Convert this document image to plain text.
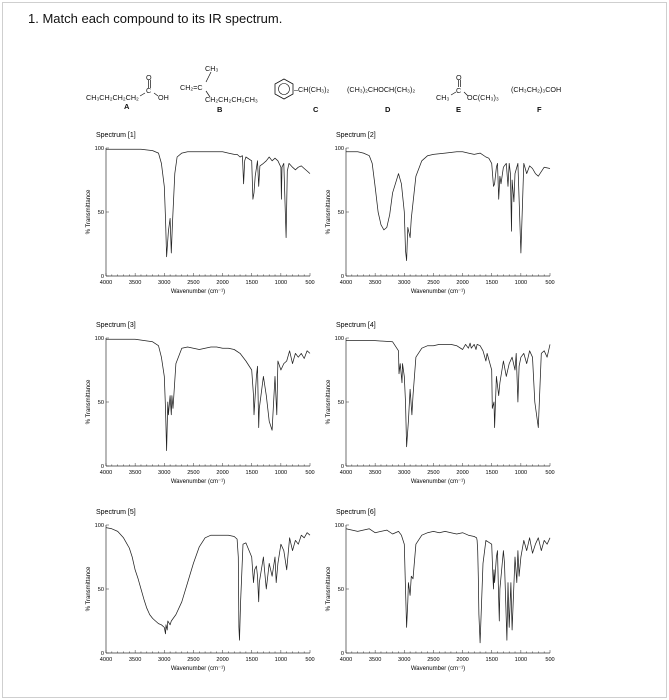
1. Match each compound to its IR spectrum.
O
C
CH₃CH₂CH₂CH₂	OH
A
CH₃
CH₂=C
CH₂CH₂CH₂CH₃
B
–CH(CH₃)₂
C
(CH₃)₂CHOCH(CH₃)₂
D
O
C
CH₃ OC(CH₃)₃
E
(CH₃CH₂)₃COH
F
Spectrum [1]
4000	3500	3000	2500	2000	1500	1000	500
0
50
100
Wavenumber (cm⁻¹)
% Transmittance
Spectrum [2]
4000	3500	3000	2500	2000	1500	1000	500
0
50
100
Wavenumber (cm⁻¹)
% Transmittance
Spectrum [3]
4000	3500	3000	2500	2000	1500	1000	500
0
50
100
Wavenumber (cm⁻¹)
% Transmittance
Spectrum [4]
4000	3500	3000	2500	2000	1500	1000	500
0
50
100
Wavenumber (cm⁻¹)
% Transmittance
Spectrum [5]
4000	3500	3000	2500	2000	1500	1000	500
0
50
100
Wavenumber (cm⁻¹)
% Transmittance
Spectrum [6]
4000	3500	3000	2500	2000	1500	1000	500
0
50
100
Wavenumber (cm⁻¹)
% Transmittance
